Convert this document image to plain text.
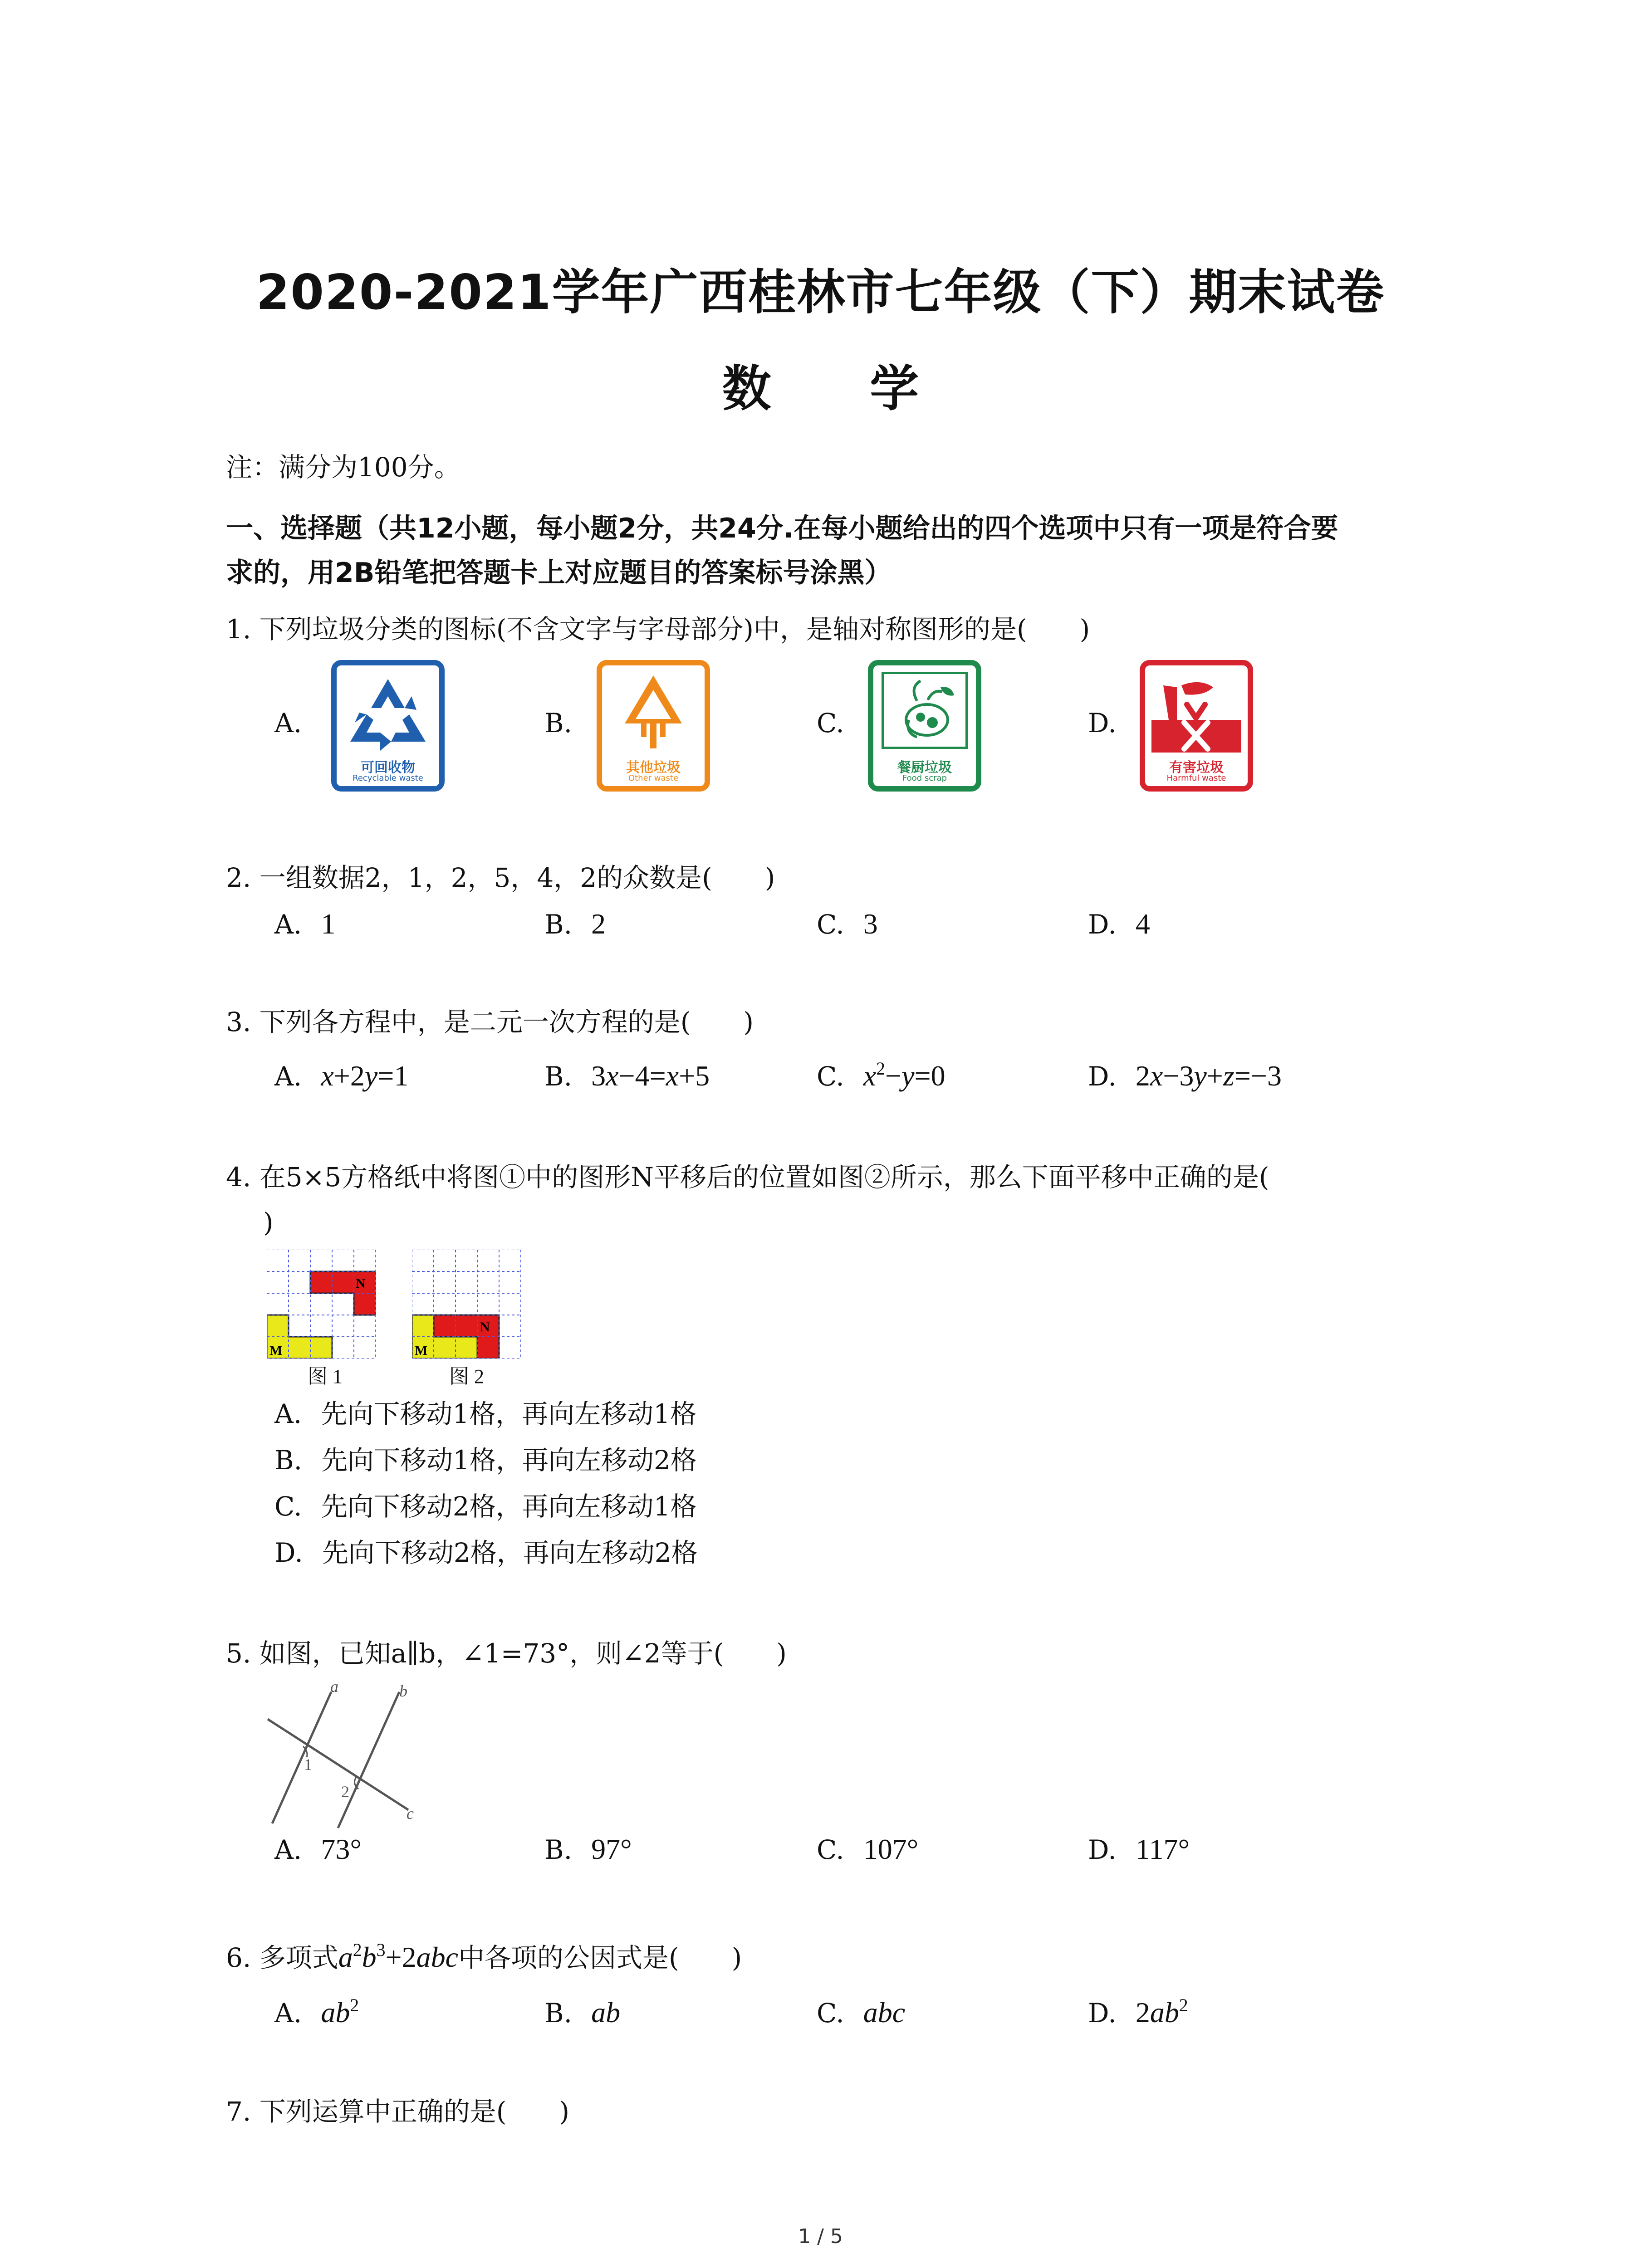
2020-2021学年广西桂林市七年级（下）期末试卷
数 学
注：满分为100分。
一、选择题（共12小题，每小题2分，共24分.在每小题给出的四个选项中只有一项是符合要
求的，用2B铅笔把答题卡上对应题目的答案标号涂黑）
1. 下列垃圾分类的图标(不含文字与字母部分)中，是轴对称图形的是(　　)
A.	B.	C.	D.
可回收物
Recyclable waste
其他垃圾
Other waste
餐厨垃圾
Food scrap
有害垃圾
Harmful waste
2. 一组数据2，1，2，5，4，2的众数是(　　)
A. 1	B. 2	C. 3	D. 4
3. 下列各方程中，是二元一次方程的是(　　)
A. x+2y=1	B. 3x−4=x+5	C. $x^2-y=0$	D. 2x−3y+z=−3
4. 在5×5方格纸中将图①中的图形N平移后的位置如图②所示，那么下面平移中正确的是(
)
N
M
图 1
N
M
图 2
A. 先向下移动1格，再向左移动1格
B. 先向下移动1格，再向左移动2格
C. 先向下移动2格，再向左移动1格
D. 先向下移动2格，再向左移动2格
5. 如图，已知a∥b，∠1=73°，则∠2等于(　　)
a	b
c
1
2
A. 73°	B. 97°	C. 107°	D. 117°
6. 多项式$a^2b^3+2abc$中各项的公因式是(　　)
A. $ab^2$	B. ab	C. abc	D. $2ab^2$
7. 下列运算中正确的是(　　)
1 / 5
